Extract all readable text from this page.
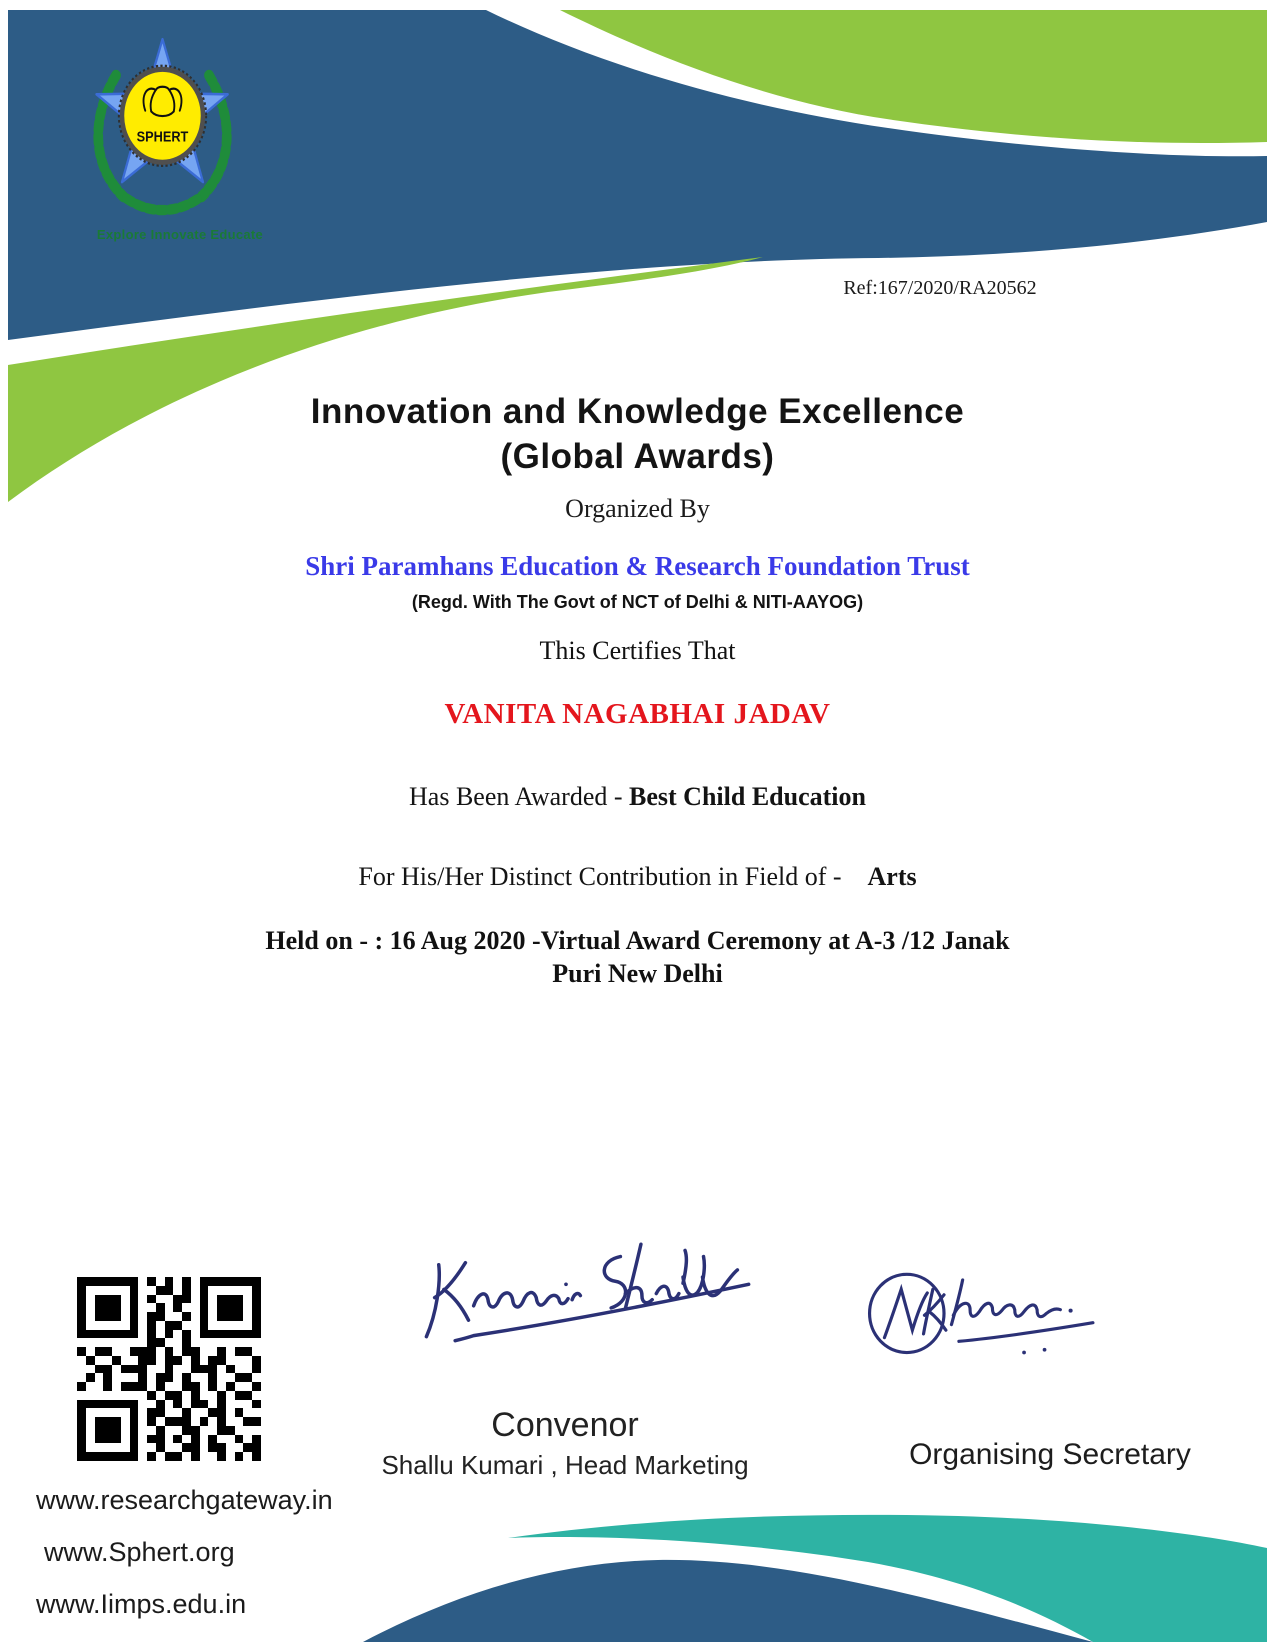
SPHERT
Explore Innovate Educate
Ref:167/2020/RA20562
Innovation and Knowledge Excellence
(Global Awards)
Organized By
Shri Paramhans Education & Research Foundation Trust
(Regd. With The Govt of NCT of Delhi & NITI-AAYOG)
This Certifies That
VANITA NAGABHAI JADAV
Has Been Awarded - Best Child Education
For His/Her Distinct Contribution in Field of - Arts
Held on - : 16 Aug 2020 -Virtual Award Ceremony at A-3 /12 Janak
Puri New Delhi
Convenor
Shallu Kumari , Head Marketing	Organising Secretary
www.researchgateway.in
www.Sphert.org
www.Iimps.edu.in
